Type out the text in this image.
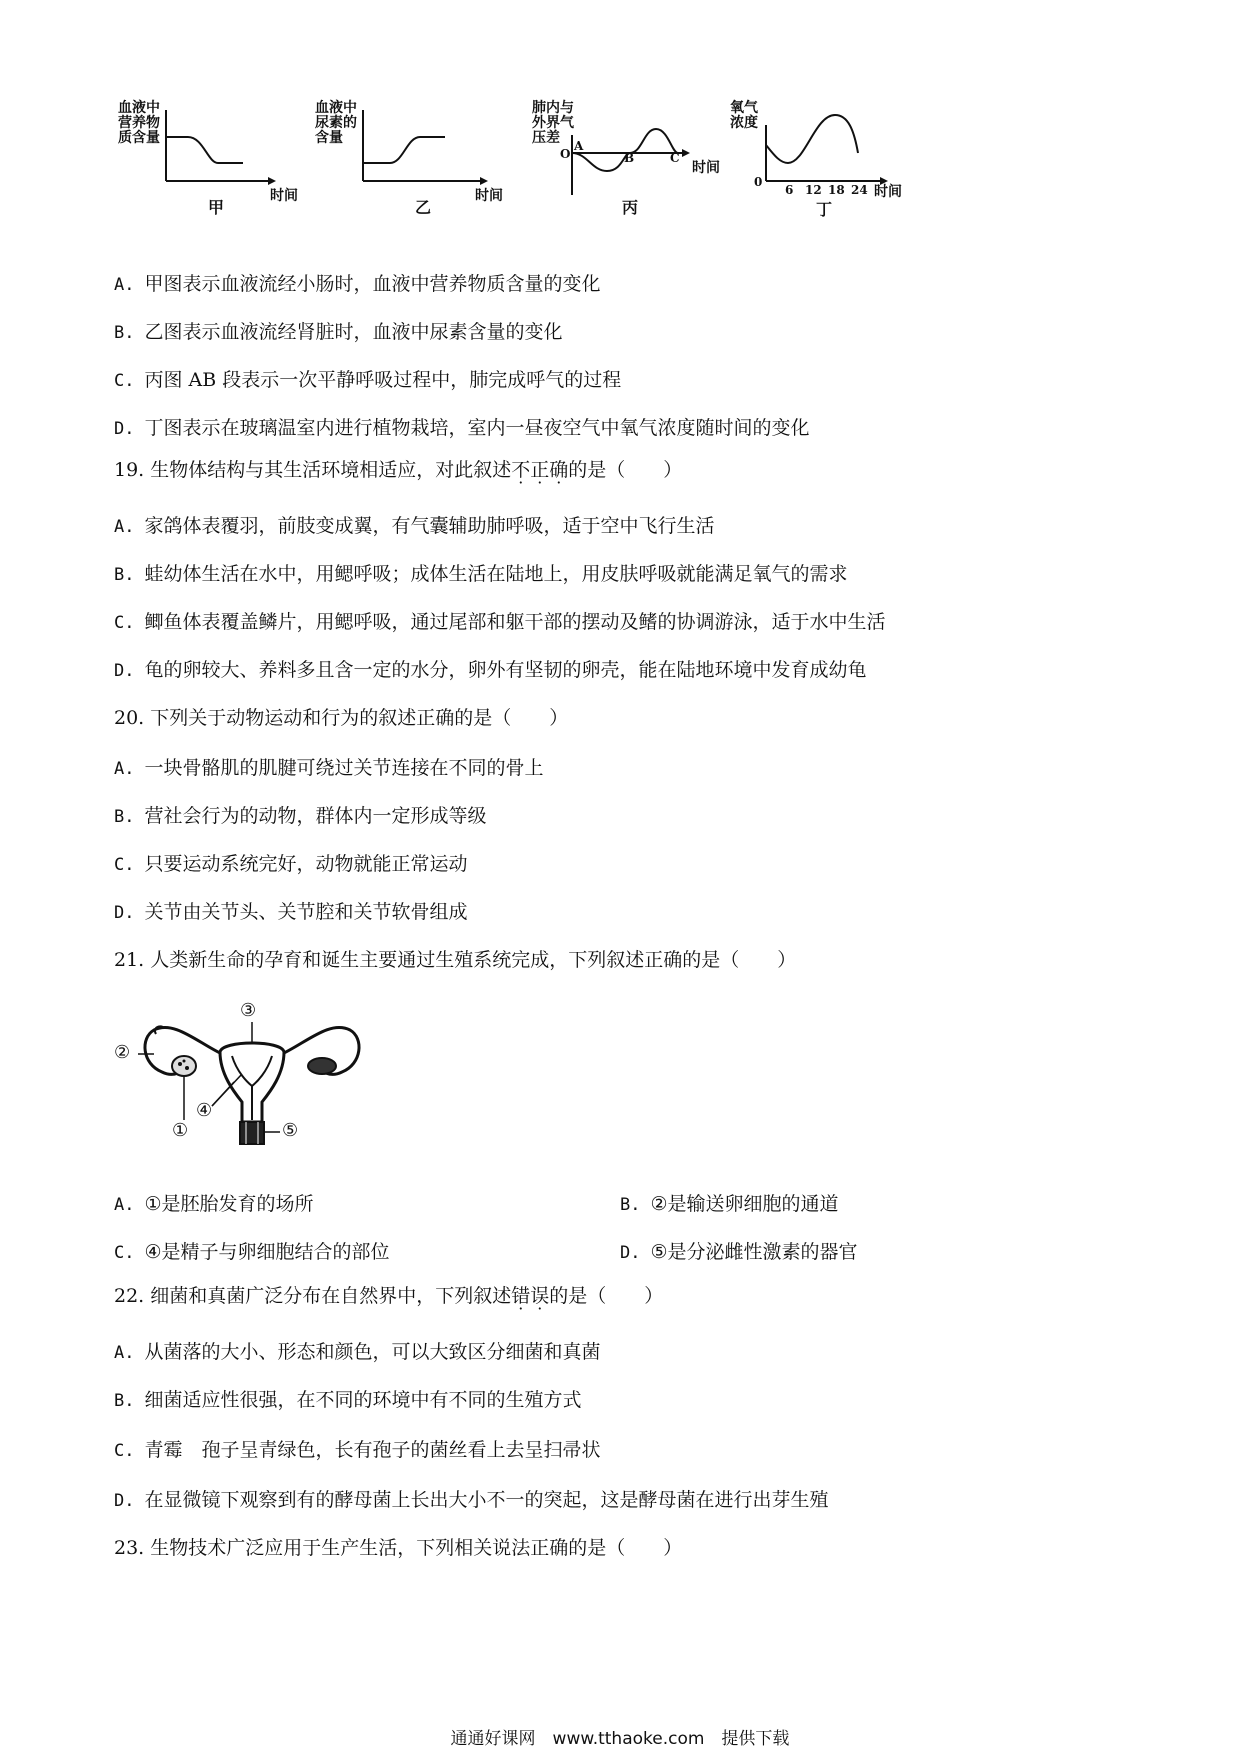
血液中营养物质含量
时间
甲
血液中尿素的含量
时间
乙
肺内与外界气压差
O
A
B	C
时间
丙
氧气浓度
0
6 12 18 24 时间
丁
A. 甲图表示血液流经小肠时，血液中营养物质含量的变化
B. 乙图表示血液流经肾脏时，血液中尿素含量的变化
C. 丙图 AB 段表示一次平静呼吸过程中，肺完成呼气的过程
D. 丁图表示在玻璃温室内进行植物栽培，室内一昼夜空气中氧气浓度随时间的变化
19. 生物体结构与其生活环境相适应，对此叙述不正确的是（　　）
A. 家鸽体表覆羽，前肢变成翼，有气囊辅助肺呼吸，适于空中飞行生活
B. 蛙幼体生活在水中，用鳃呼吸；成体生活在陆地上，用皮肤呼吸就能满足氧气的需求
C. 鲫鱼体表覆盖鳞片，用鳃呼吸，通过尾部和躯干部的摆动及鳍的协调游泳，适于水中生活
D. 龟的卵较大、养料多且含一定的水分，卵外有坚韧的卵壳，能在陆地环境中发育成幼龟
20. 下列关于动物运动和行为的叙述正确的是（　　）
A. 一块骨骼肌的肌腱可绕过关节连接在不同的骨上
B. 营社会行为的动物，群体内一定形成等级
C. 只要运动系统完好，动物就能正常运动
D. 关节由关节头、关节腔和关节软骨组成
21. 人类新生命的孕育和诞生主要通过生殖系统完成，下列叙述正确的是（　　）
①
②
③
④
⑤
A. ①是胚胎发育的场所	B. ②是输送卵细胞的通道
C. ④是精子与卵细胞结合的部位	D. ⑤是分泌雌性激素的器官
22. 细菌和真菌广泛分布在自然界中，下列叙述错误的是（　　）
A. 从菌落的大小、形态和颜色，可以大致区分细菌和真菌
B. 细菌适应性很强，在不同的环境中有不同的生殖方式
C. 青霉　孢子呈青绿色，长有孢子的菌丝看上去呈扫帚状
D. 在显微镜下观察到有的酵母菌上长出大小不一的突起，这是酵母菌在进行出芽生殖
23. 生物技术广泛应用于生产生活，下列相关说法正确的是（　　）
通通好课网　www.tthaoke.com　提供下载
